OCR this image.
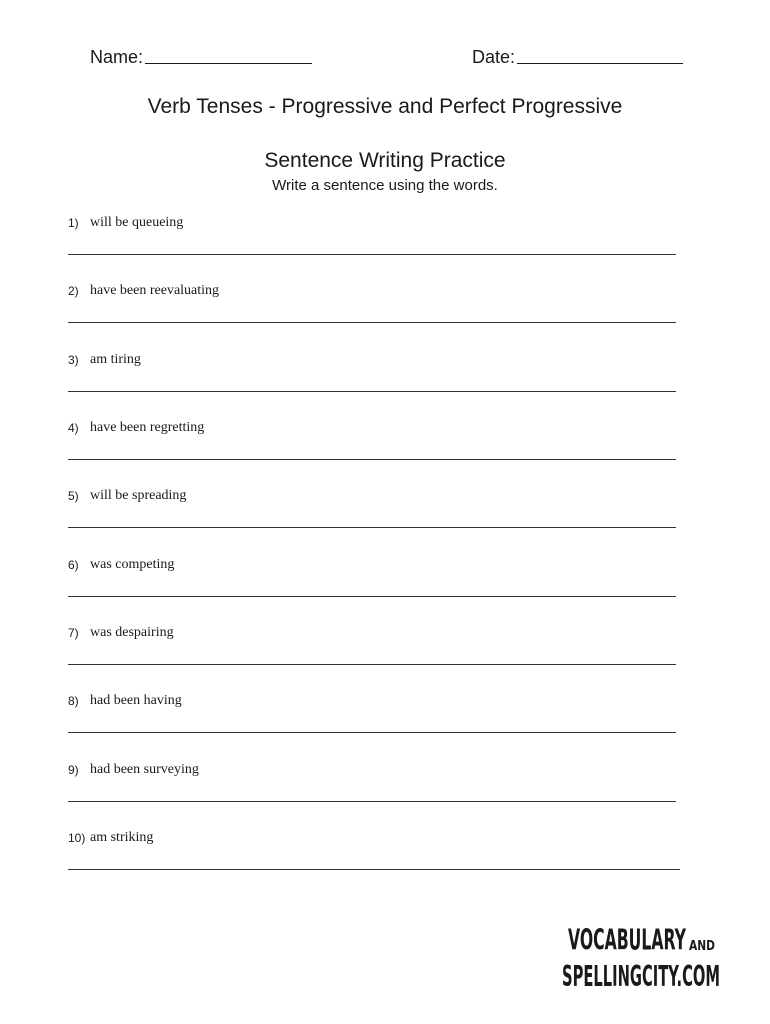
Name:	Date:
Verb Tenses - Progressive and Perfect Progressive
Sentence Writing Practice
Write a sentence using the words.
1) will be queueing
2) have been reevaluating
3) am tiring
4) have been regretting
5) will be spreading
6) was competing
7) was despairing
8) had been having
9) had been surveying
10) am striking
VOCABULARY AND
SPELLINGCITY.COM
